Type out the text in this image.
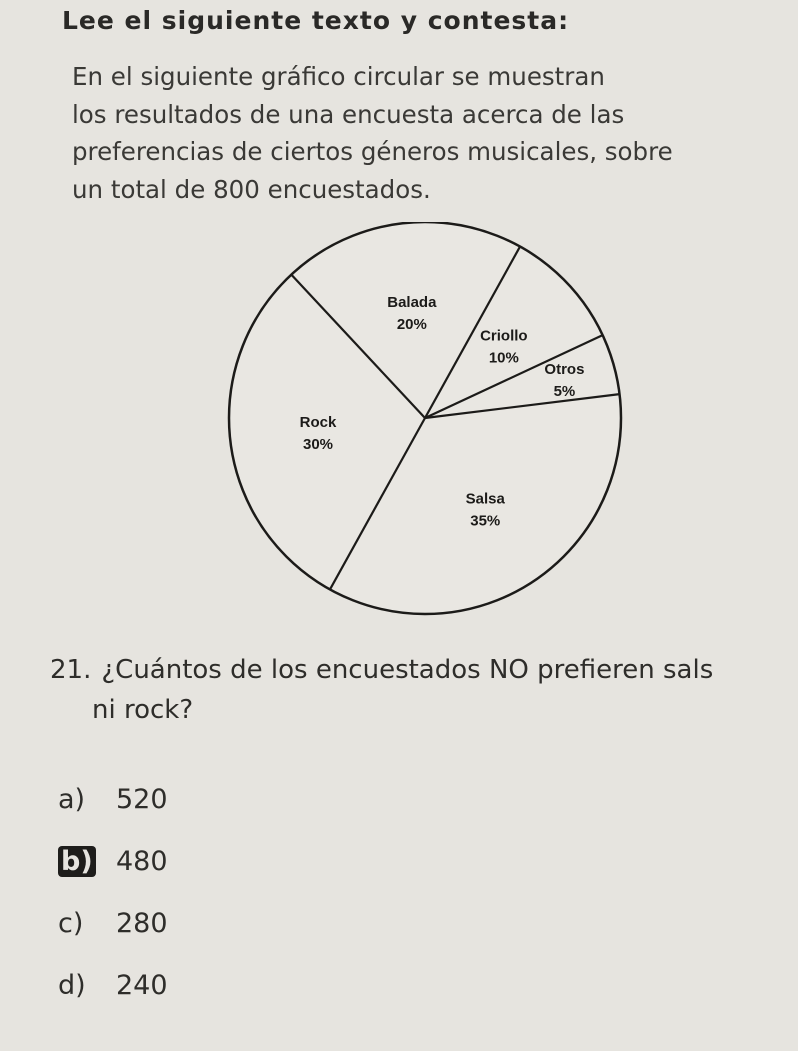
Lee el siguiente texto y contesta:
En el siguiente gráfico circular se muestran
los resultados de una encuesta acerca de las
preferencias de ciertos géneros musicales, sobre
un total de 800 encuestados.
Criollo
10%
Otros
5%
Salsa
35%
Rock
30%
Balada
20%
21. ¿Cuántos de los encuestados NO prefieren sals
ni rock?
a)	520
b) 480
c)	280
d)	240
